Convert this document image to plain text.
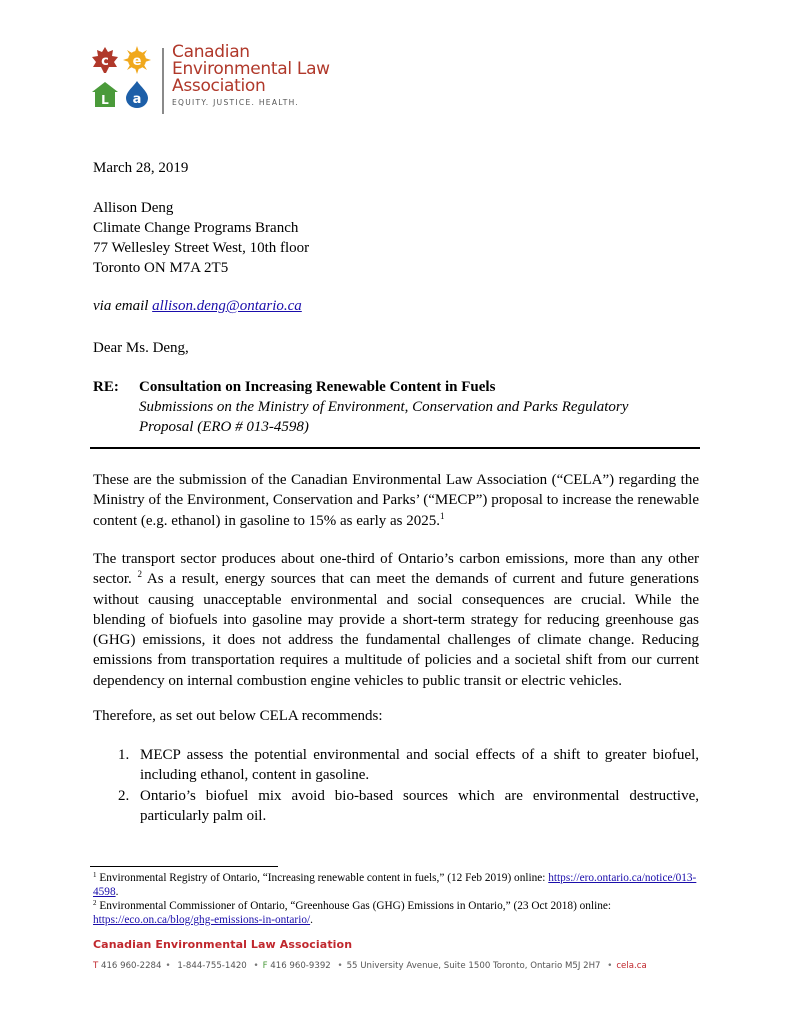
c e
L a
Canadian
Environmental Law
Association
EQUITY. JUSTICE. HEALTH.
March 28, 2019
Allison Deng
Climate Change Programs Branch
77 Wellesley Street West, 10th floor
Toronto ON M7A 2T5
via email allison.deng@ontario.ca
Dear Ms. Deng,
RE: Consultation on Increasing Renewable Content in Fuels
Submissions on the Ministry of Environment, Conservation and Parks Regulatory
Proposal (ERO # 013-4598)

These are the submission of the Canadian Environmental Law Association (“CELA”) regarding the Ministry of the Environment, Conservation and Parks’ (“MECP”) proposal to increase the renewable content (e.g. ethanol) in gasoline to 15% as early as 2025.$^1$

The transport sector produces about one-third of Ontario’s carbon emissions, more than any other sector. $^2$ As a result, energy sources that can meet the demands of current and future generations without causing unacceptable environmental and social consequences are crucial. While the blending of biofuels into gasoline may provide a short-term strategy for reducing greenhouse gas (GHG) emissions, it does not address the fundamental challenges of climate change. Reducing emissions from transportation requires a multitude of policies and a societal shift from our current dependency on internal combustion engine vehicles to public transit or electric vehicles.

Therefore, as set out below CELA recommends:

1. MECP assess the potential environmental and social effects of a shift to greater biofuel, including ethanol, content in gasoline.
2. Ontario’s biofuel mix avoid bio-based sources which are environmental destructive, particularly palm oil.
$^1$ Environmental Registry of Ontario, “Increasing renewable content in fuels,” (12 Feb 2019) online: https://ero.ontario.ca/notice/013-4598.
$^2$ Environmental Commissioner of Ontario, “Greenhouse Gas (GHG) Emissions in Ontario,” (23 Oct 2018) online: https://eco.on.ca/blog/ghg-emissions-in-ontario/.
Canadian Environmental Law Association
T 416 960-2284 • 1-844-755-1420 • F 416 960-9392 • 55 University Avenue, Suite 1500 Toronto, Ontario M5J 2H7 • cela.ca
